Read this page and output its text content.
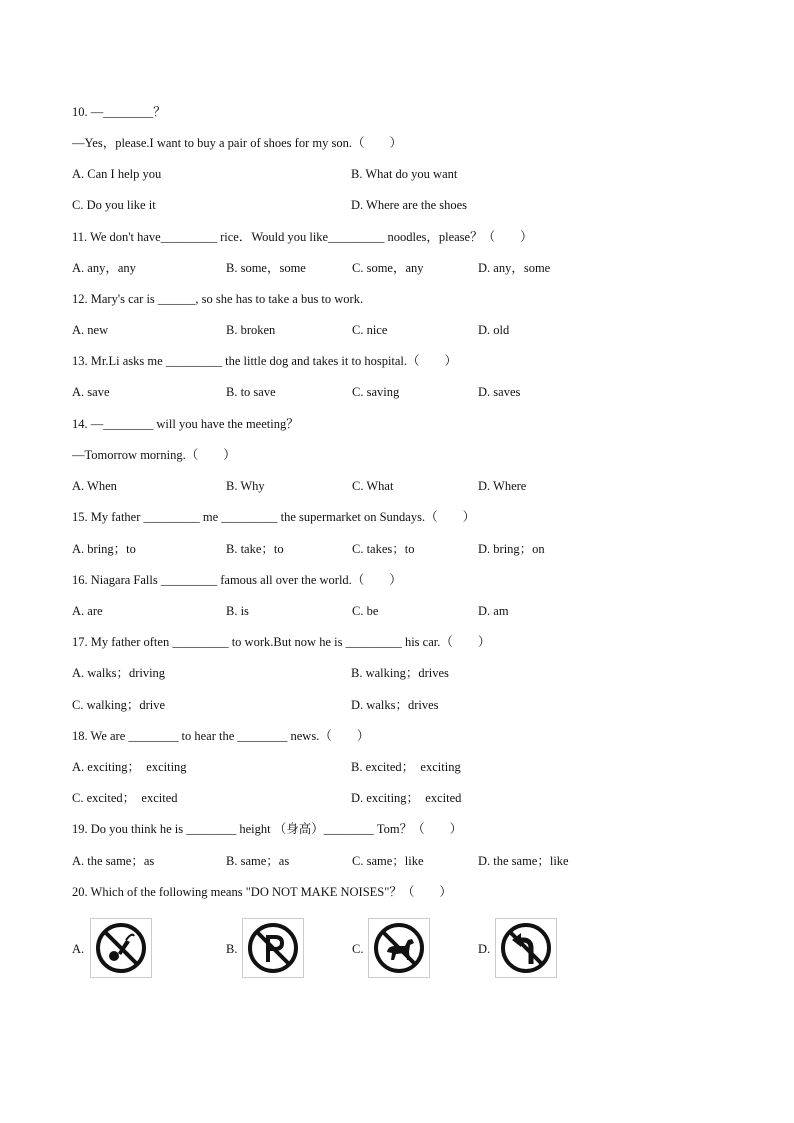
10. —________？
—Yes，please.I want to buy a pair of shoes for my son.（　　）
A. Can I help you	B. What do you want
C. Do you like it	D. Where are the shoes
11. We don't have_________ rice．Would you like_________ noodles，please？（　　）
A. any，any	B. some，some	C. some，any	D. any，some
12. Mary's car is ______, so she has to take a bus to work.
A. new	B. broken	C. nice	D. old
13. Mr.Li asks me _________ the little dog and takes it to hospital.（　　）
A. save	B. to save	C. saving	D. saves
14. —________ will you have the meeting？
—Tomorrow morning.（　　）
A. When	B. Why	C. What	D. Where
15. My father _________ me _________ the supermarket on Sundays.（　　）
A. bring；to	B. take；to	C. takes；to	D. bring；on
16. Niagara Falls _________ famous all over the world.（　　）
A. are	B. is	C. be	D. am
17. My father often _________ to work.But now he is _________ his car.（　　）
A. walks；driving	B. walking；drives
C. walking；drive	D. walks；drives
18. We are ________ to hear the ________ news.（　　）
A. exciting；  exciting	B. excited；  exciting
C. excited；  excited	D. exciting；  excited
19. Do you think he is ________ height （身高）________ Tom？（　　）
A. the same；as	B. same；as	C. same；like	D. the same；like
20. Which of the following means "DO NOT MAKE NOISES"？（　　）
A.	B.	C.	D.
